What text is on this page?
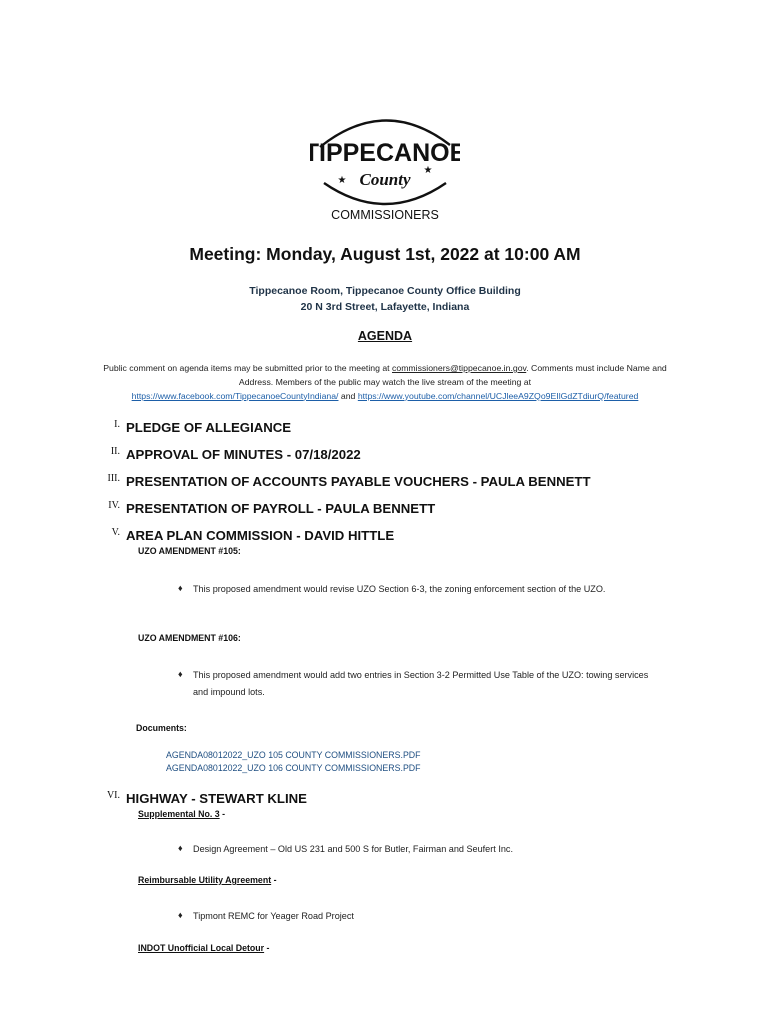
TIPPECANOE
County
★
★
COMMISSIONERS
Meeting: Monday, August 1st, 2022 at 10:00 AM
Tippecanoe Room, Tippecanoe County Office Building
20 N 3rd Street, Lafayette, Indiana
AGENDA
Public comment on agenda items may be submitted prior to the meeting at commissioners@tippecanoe.in.gov. Comments must include Name and Address. Members of the public may watch the live stream of the meeting at
https://www.facebook.com/TippecanoeCountyIndiana/ and https://www.youtube.com/channel/UCJleeA9ZQo9EIlGdZTdiurQ/featured
I. PLEDGE OF ALLEGIANCE
II. APPROVAL OF MINUTES - 07/18/2022
III. PRESENTATION OF ACCOUNTS PAYABLE VOUCHERS - PAULA BENNETT
IV. PRESENTATION OF PAYROLL - PAULA BENNETT
V. AREA PLAN COMMISSION - DAVID HITTLE
UZO AMENDMENT #105:
♦ This proposed amendment would revise UZO Section 6-3, the zoning enforcement section of the UZO.
UZO AMENDMENT #106:
♦ This proposed amendment would add two entries in Section 3-2 Permitted Use Table of the UZO: towing services and impound lots.
Documents:
AGENDA08012022_UZO 105 COUNTY COMMISSIONERS.PDF
AGENDA08012022_UZO 106 COUNTY COMMISSIONERS.PDF
VI. HIGHWAY - STEWART KLINE
Supplemental No. 3 -
♦ Design Agreement – Old US 231 and 500 S for Butler, Fairman and Seufert Inc.
Reimbursable Utility Agreement -
♦ Tipmont REMC for Yeager Road Project
INDOT Unofficial Local Detour -
